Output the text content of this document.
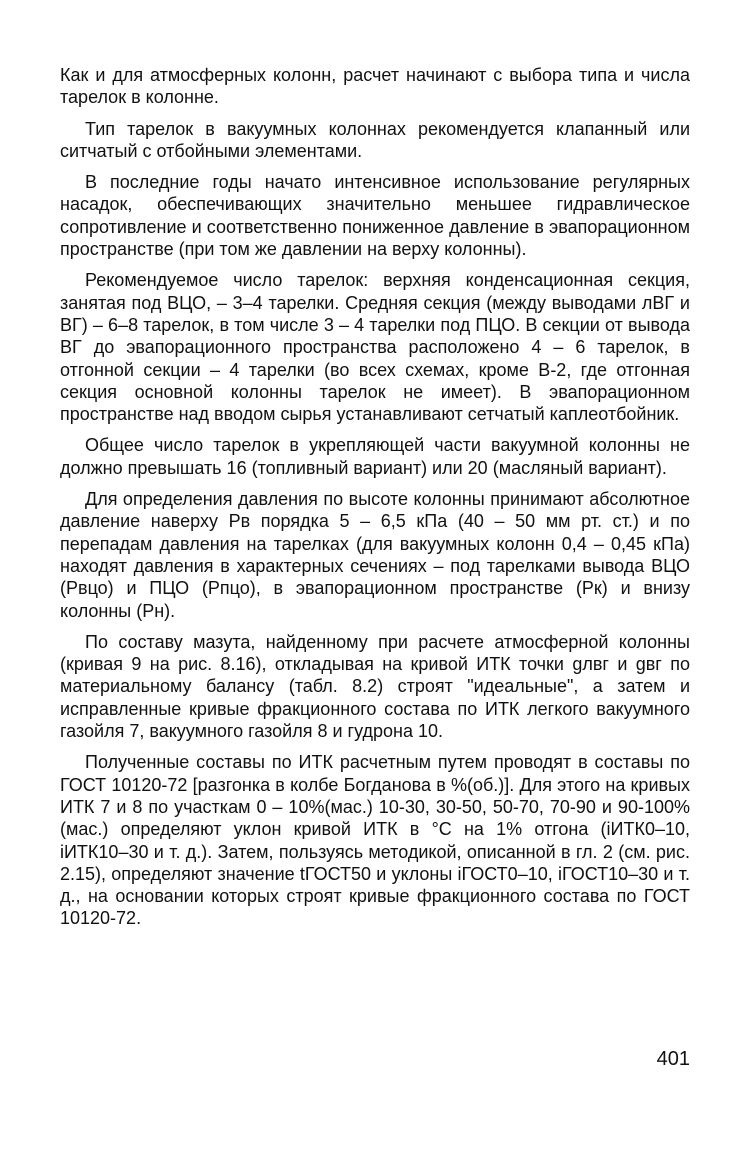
Как и для атмосферных колонн, расчет начинают с выбора типа и числа тарелок в колонне.

Тип тарелок в вакуумных колоннах рекомендуется клапанный или ситчатый с отбойными элементами.

В последние годы начато интенсивное использование регулярных насадок, обеспечивающих значительно меньшее гидравлическое сопротивление и соответственно пониженное давление в эвапорационном пространстве (при том же давлении на верху колонны).

Рекомендуемое число тарелок: верхняя конденсационная секция, занятая под ВЦО, – 3–4 тарелки. Средняя секция (между выводами лВГ и ВГ) – 6–8 тарелок, в том числе 3 – 4 тарелки под ПЦО. В секции от вывода ВГ до эвапорационного пространства расположено 4 – 6 тарелок, в отгонной секции – 4 тарелки (во всех схемах, кроме В-2, где отгонная секция основной колонны тарелок не имеет). В эвапорационном пространстве над вводом сырья устанавливают сетчатый каплеотбойник.

Общее число тарелок в укрепляющей части вакуумной колонны не должно превышать 16 (топливный вариант) или 20 (масляный вариант).

Для определения давления по высоте колонны принимают абсолютное давление наверху Pв порядка 5 – 6,5 кПа (40 – 50 мм рт. ст.) и по перепадам давления на тарелках (для вакуумных колонн 0,4 – 0,45 кПа) находят давления в характерных сечениях – под тарелками вывода ВЦО (Pвцо) и ПЦО (Pпцо), в эвапорационном пространстве (Pк) и внизу колонны (Pн).

По составу мазута, найденному при расчете атмосферной колонны (кривая 9 на рис. 8.16), откладывая на кривой ИТК точки gлвг и gвг по материальному балансу (табл. 8.2) строят "идеальные", а затем и исправленные кривые фракционного состава по ИТК легкого вакуумного газойля 7, вакуумного газойля 8 и гудрона 10.

Полученные составы по ИТК расчетным путем проводят в составы по ГОСТ 10120-72 [разгонка в колбе Богданова в %(об.)]. Для этого на кривых ИТК 7 и 8 по участкам 0 – 10%(мас.) 10-30, 30-50, 50-70, 70-90 и 90-100%(мас.) определяют уклон кривой ИТК в °С на 1% отгона (iИТК0–10, iИТК10–30 и т. д.). Затем, пользуясь методикой, описанной в гл. 2 (см. рис. 2.15), определяют значение tГОСТ50 и уклоны iГОСТ0–10, iГОСТ10–30 и т. д., на основании которых строят кривые фракционного состава по ГОСТ 10120-72.

401
